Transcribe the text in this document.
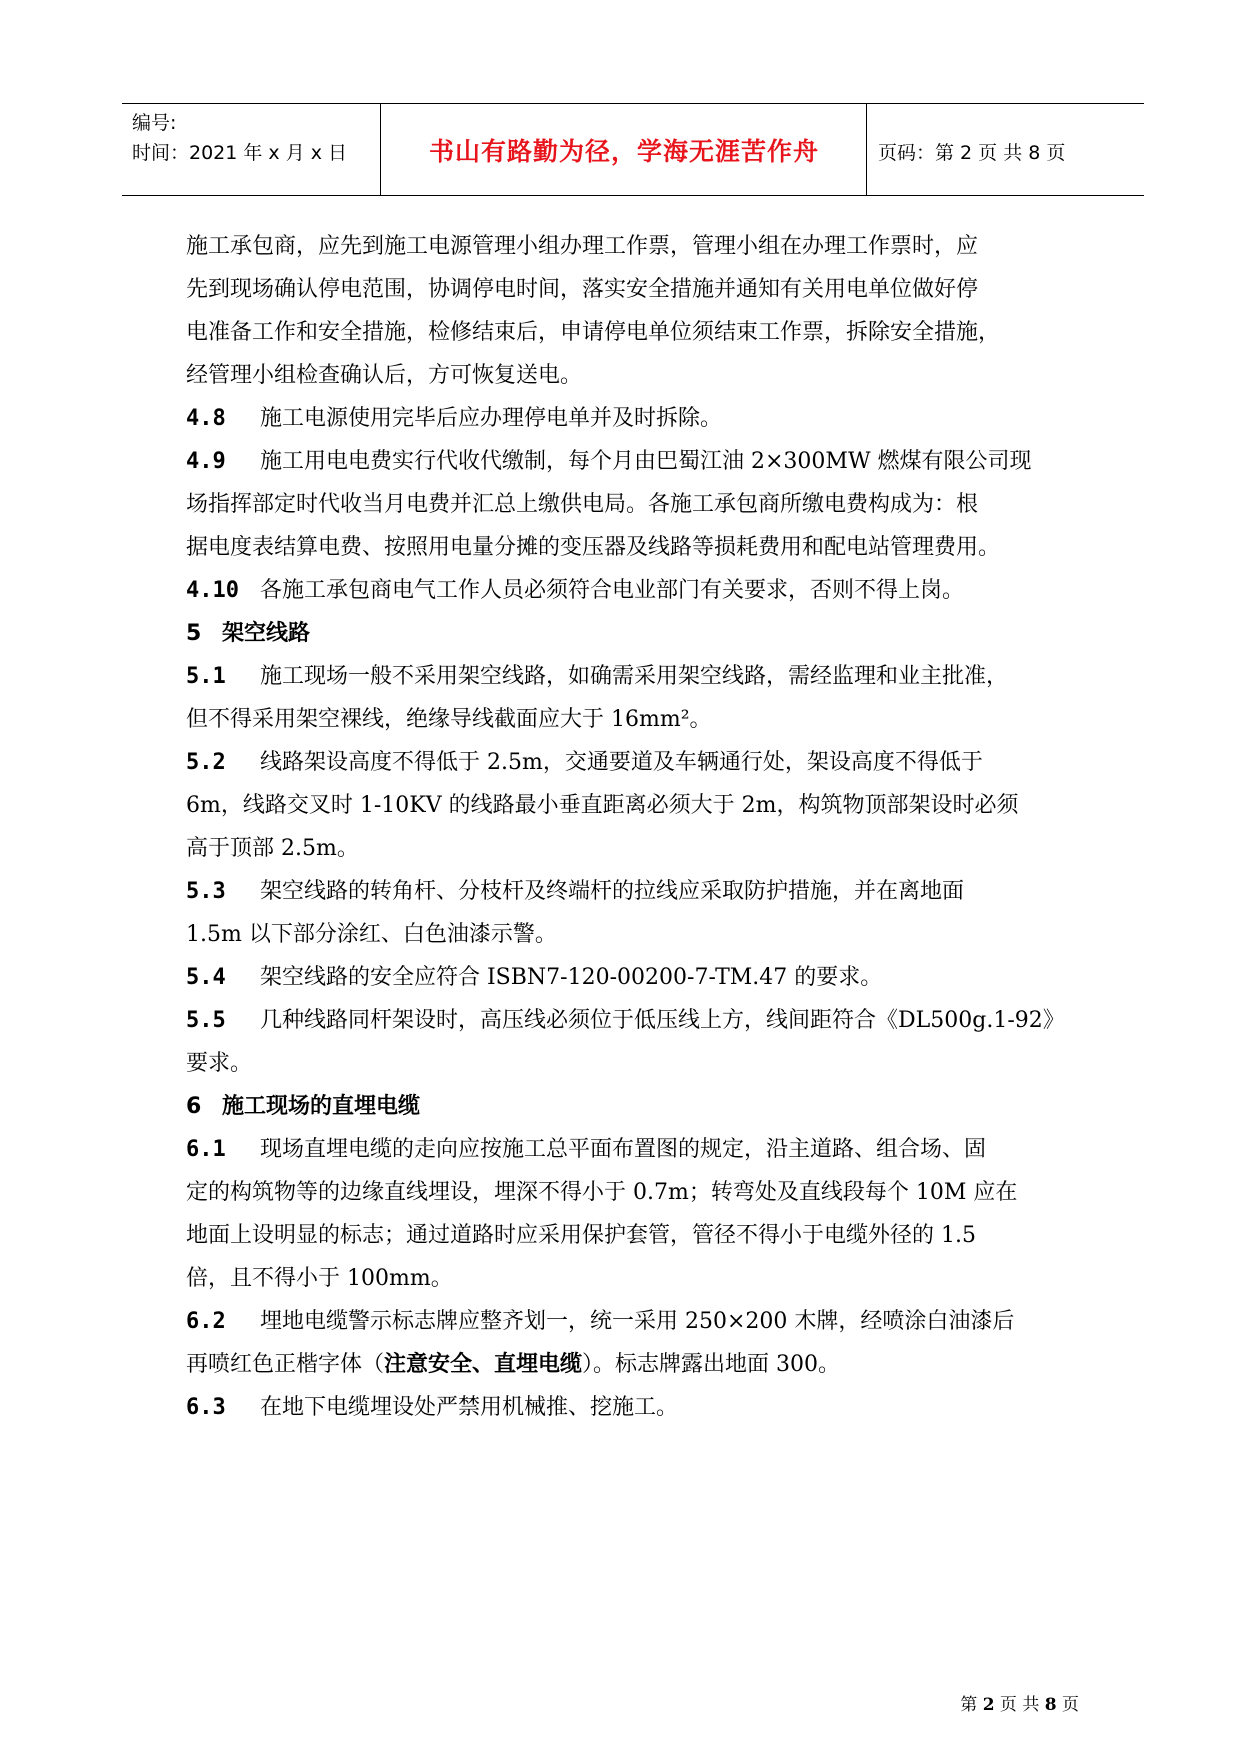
编号:
时间：2021 年 x 月 x 日	书山有路勤为径，学海无涯苦作舟	页码：第 2 页 共 8 页
施工承包商，应先到施工电源管理小组办理工作票，管理小组在办理工作票时，应
先到现场确认停电范围，协调停电时间，落实安全措施并通知有关用电单位做好停
电准备工作和安全措施，检修结束后，申请停电单位须结束工作票，拆除安全措施，
经管理小组检查确认后，方可恢复送电。
4.8 施工电源使用完毕后应办理停电单并及时拆除。
4.9 施工用电电费实行代收代缴制，每个月由巴蜀江油 2×300MW 燃煤有限公司现
场指挥部定时代收当月电费并汇总上缴供电局。各施工承包商所缴电费构成为：根
据电度表结算电费、按照用电量分摊的变压器及线路等损耗费用和配电站管理费用。
4.10 各施工承包商电气工作人员必须符合电业部门有关要求，否则不得上岗。
5 架空线路
5.1 施工现场一般不采用架空线路，如确需采用架空线路，需经监理和业主批准，
但不得采用架空裸线，绝缘导线截面应大于 16mm²。
5.2 线路架设高度不得低于 2.5m，交通要道及车辆通行处，架设高度不得低于
6m，线路交叉时 1-10KV 的线路最小垂直距离必须大于 2m，构筑物顶部架设时必须
高于顶部 2.5m。
5.3 架空线路的转角杆、分枝杆及终端杆的拉线应采取防护措施，并在离地面
1.5m 以下部分涂红、白色油漆示警。
5.4 架空线路的安全应符合 ISBN7-120-00200-7-TM.47 的要求。
5.5 几种线路同杆架设时，高压线必须位于低压线上方，线间距符合《DL500g.1-92》
要求。
6 施工现场的直埋电缆
6.1 现场直埋电缆的走向应按施工总平面布置图的规定，沿主道路、组合场、固
定的构筑物等的边缘直线埋设，埋深不得小于 0.7m；转弯处及直线段每个 10M 应在
地面上设明显的标志；通过道路时应采用保护套管，管径不得小于电缆外径的 1.5
倍，且不得小于 100mm。
6.2 埋地电缆警示标志牌应整齐划一，统一采用 250×200 木牌，经喷涂白油漆后
再喷红色正楷字体（注意安全、直埋电缆）。标志牌露出地面 300。
6.3 在地下电缆埋设处严禁用机械推、挖施工。
第 2 页 共 8 页
